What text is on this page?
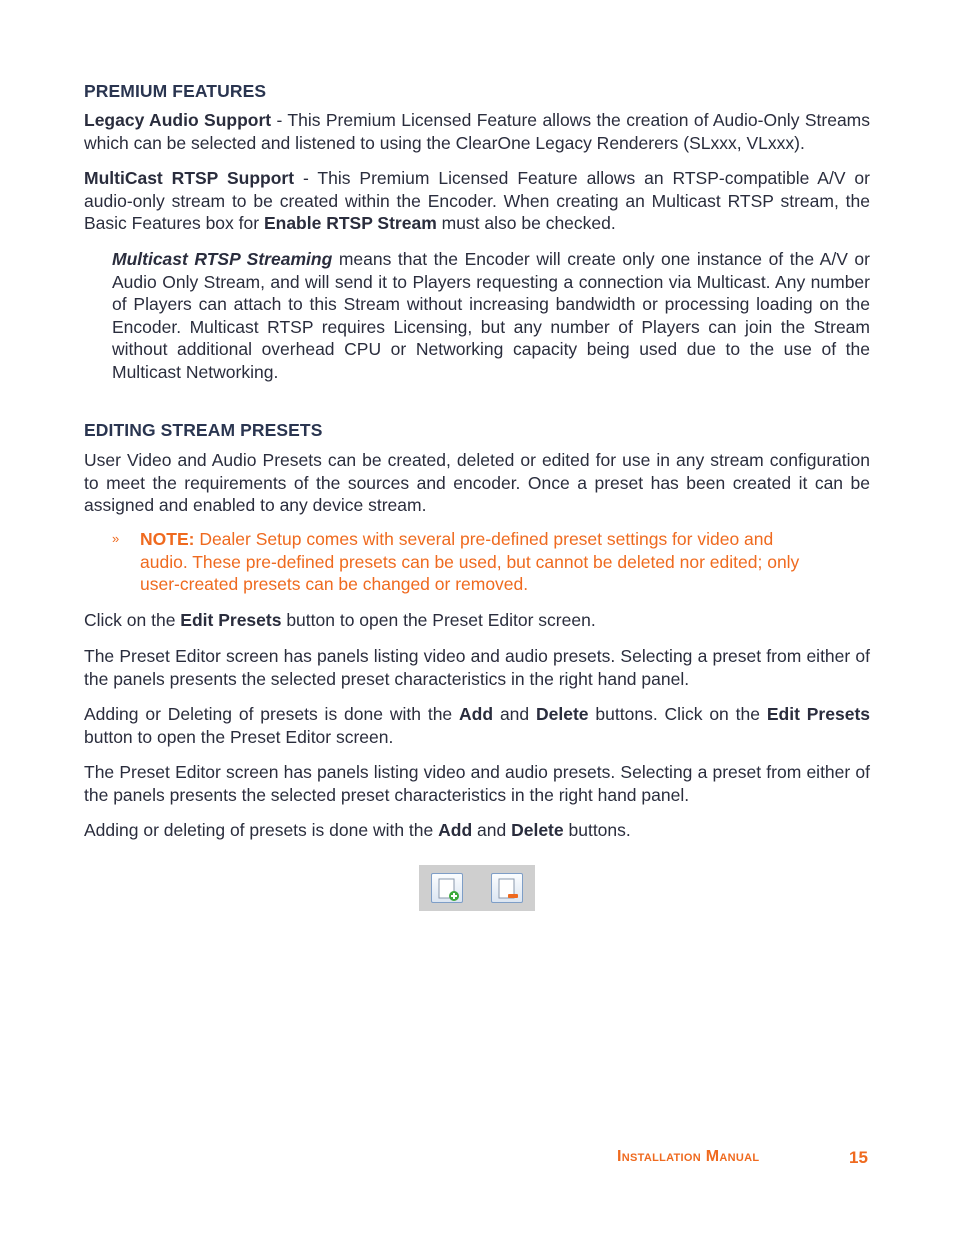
PREMIUM FEATURES
Legacy Audio Support - This Premium Licensed Feature allows the creation of Audio-Only Streams which can be selected and listened to using the ClearOne Legacy Renderers (SLxxx, VLxxx).
MultiCast RTSP Support - This Premium Licensed Feature allows an RTSP-compatible A/V or audio-only stream to be created within the Encoder. When creating an Multicast RTSP stream, the Basic Features box for Enable RTSP Stream must also be checked.
Multicast RTSP Streaming means that the Encoder will create only one instance of the A/V or Audio Only Stream, and will send it to Players requesting a connection via Multicast. Any number of Players can attach to this Stream without increasing bandwidth or processing loading on the Encoder. Multicast RTSP requires Licensing, but any number of Players can join the Stream without additional overhead CPU or Networking capacity being used due to the use of the Multicast Networking.
EDITING STREAM PRESETS
User Video and Audio Presets can be created, deleted or edited for use in any stream configuration to meet the requirements of the sources and encoder. Once a preset has been created it can be assigned and enabled to any device stream.
» NOTE: Dealer Setup comes with several pre-defined preset settings for video and audio. These pre-defined presets can be used, but cannot be deleted nor edited; only user-created presets can be changed or removed.
Click on the Edit Presets button to open the Preset Editor screen.
The Preset Editor screen has panels listing video and audio presets. Selecting a preset from either of the panels presents the selected preset characteristics in the right hand panel.
Adding or Deleting of presets is done with the Add and Delete buttons. Click on the Edit Presets button to open the Preset Editor screen.
The Preset Editor screen has panels listing video and audio presets. Selecting a preset from either of the panels presents the selected preset characteristics in the right hand panel.
Adding or deleting of presets is done with the Add and Delete buttons.
Installation Manual	15
